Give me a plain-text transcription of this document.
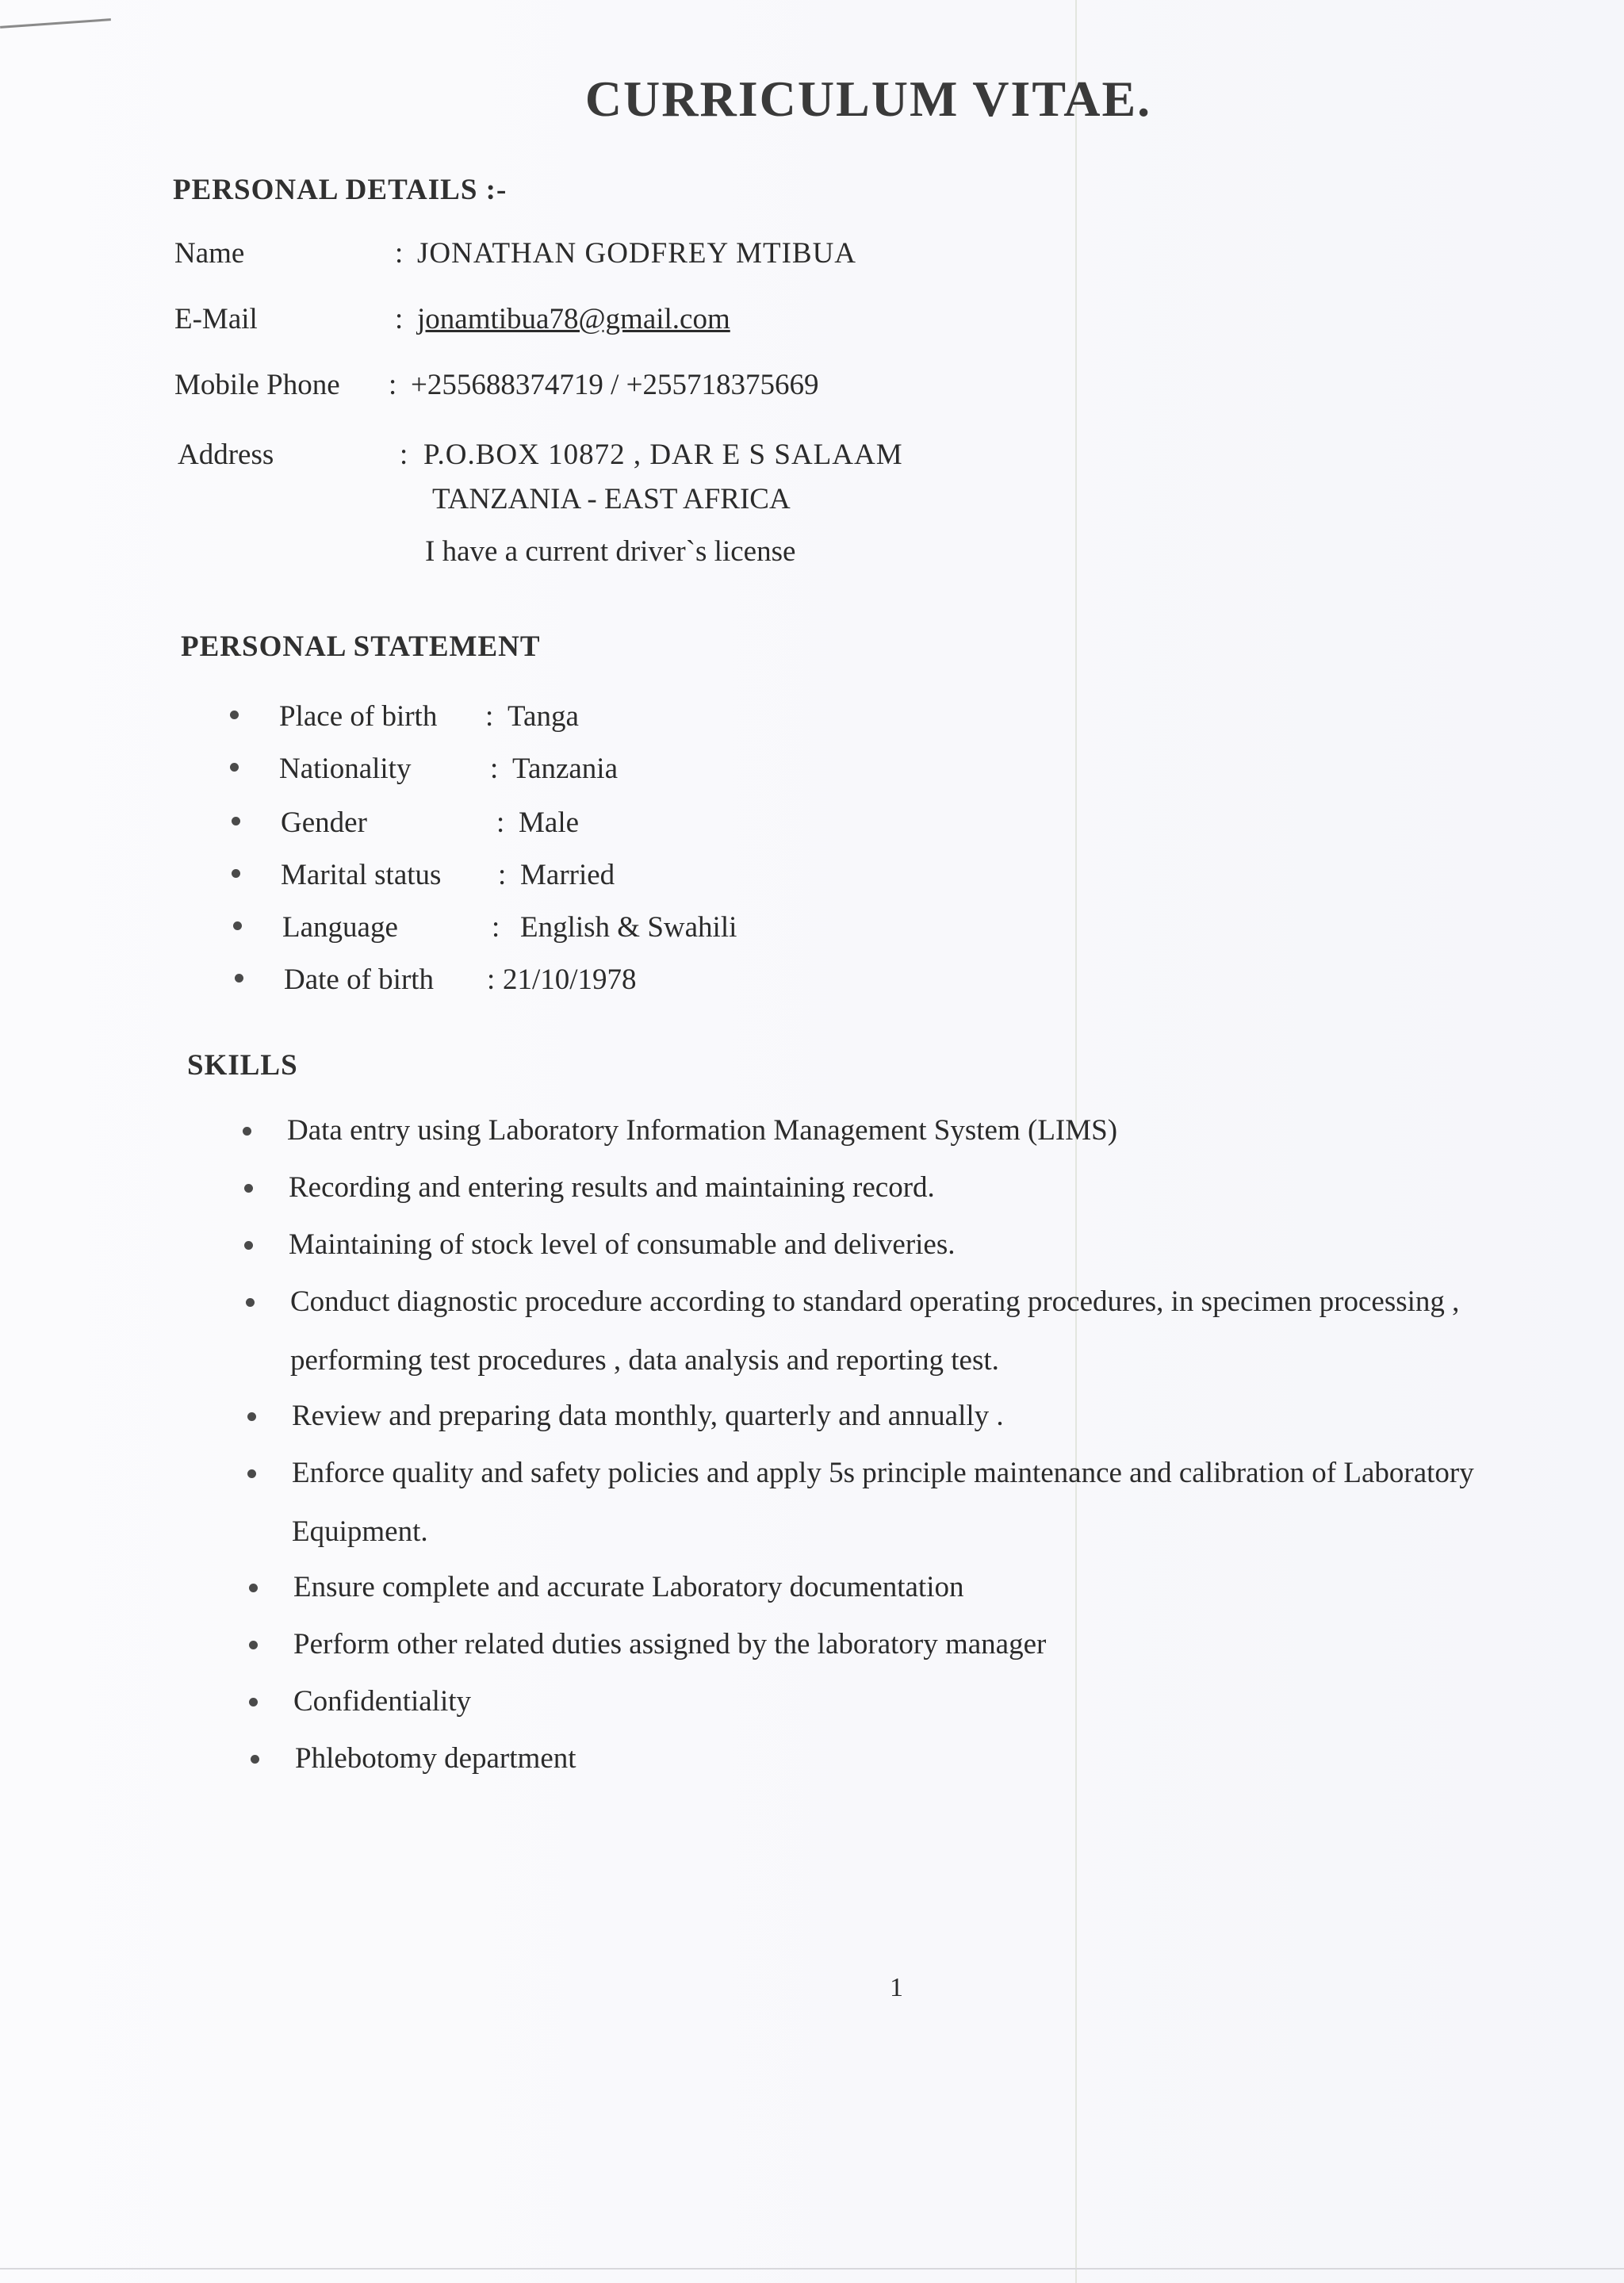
CURRICULUM VITAE.
PERSONAL DETAILS :-
Name	: JONATHAN GODFREY MTIBUA
E-Mail	: jonamtibua78@gmail.com
Mobile Phone : +255688374719 / +255718375669
Address	: P.O.BOX 10872 , DAR E S SALAAM
TANZANIA - EAST AFRICA
I have a current driver`s license
PERSONAL STATEMENT
Place of birth : Tanga
Nationality	: Tanzania
Gender	: Male
Marital status : Married
Language	: English & Swahili
Date of birth : 21/10/1978
SKILLS
Data entry using Laboratory Information Management System (LIMS)
Recording and entering results and maintaining record.
Maintaining of stock level of consumable and deliveries.
Conduct diagnostic procedure according to standard operating procedures, in specimen processing , performing test procedures , data analysis and reporting test.
Review and preparing data monthly, quarterly and annually .
Enforce quality and safety policies and apply 5s principle maintenance and calibration of Laboratory Equipment.
Ensure complete and accurate Laboratory documentation
Perform other related duties assigned by the laboratory manager
Confidentiality
Phlebotomy department
1
